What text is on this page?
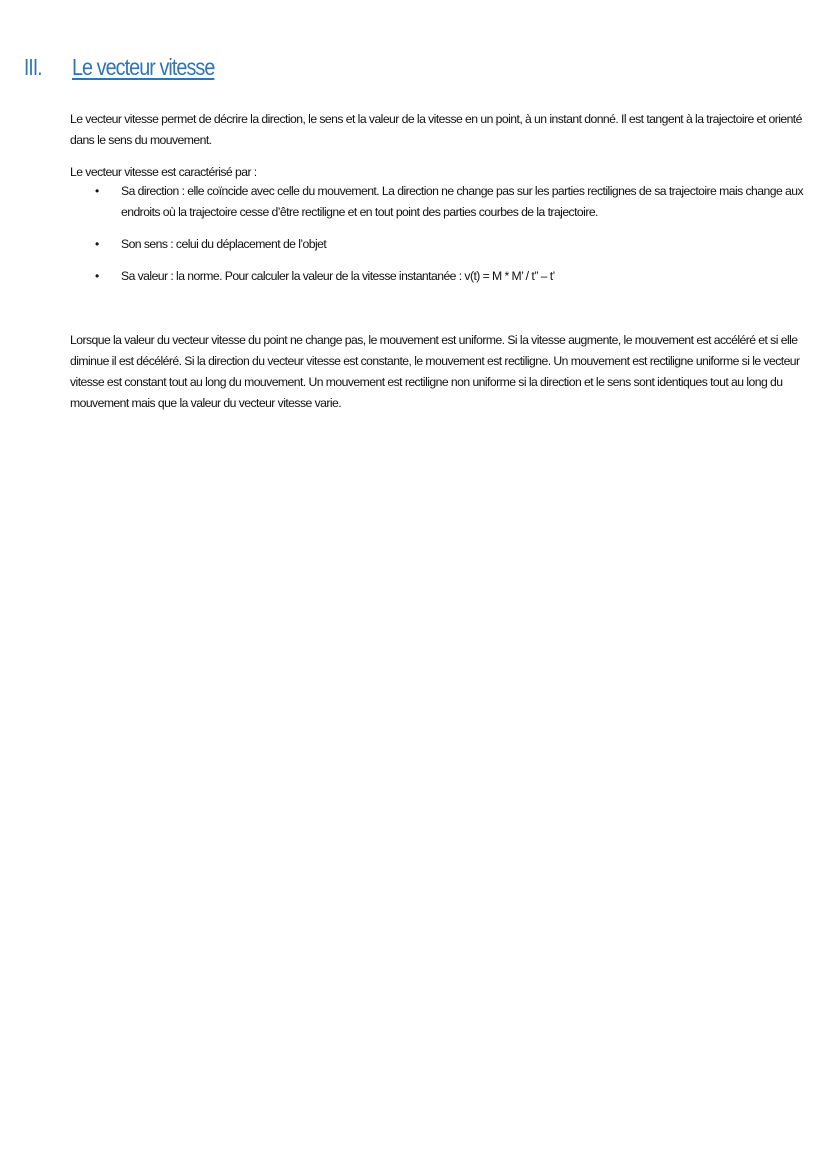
III.	Le vecteur vitesse

Le vecteur vitesse permet de décrire la direction, le sens et la valeur de la vitesse en un point, à un instant donné. Il est tangent à la trajectoire et orienté dans le sens du mouvement.

Le vecteur vitesse est caractérisé par :

• Sa direction : elle coïncide avec celle du mouvement. La direction ne change pas sur les parties rectilignes de sa trajectoire mais change aux endroits où la trajectoire cesse d’être rectiligne et en tout point des parties courbes de la trajectoire.
• Son sens : celui du déplacement de l’objet
• Sa valeur : la norme. Pour calculer la valeur de la vitesse instantanée : v(t) = M * M’ / t’’ – t’

Lorsque la valeur du vecteur vitesse du point ne change pas, le mouvement est uniforme. Si la vitesse augmente, le mouvement est accéléré et si elle diminue il est décéléré. Si la direction du vecteur vitesse est constante, le mouvement est rectiligne. Un mouvement est rectiligne uniforme si le vecteur vitesse est constant tout au long du mouvement. Un mouvement est rectiligne non uniforme si la direction et le sens sont identiques tout au long du mouvement mais que la valeur du vecteur vitesse varie.
